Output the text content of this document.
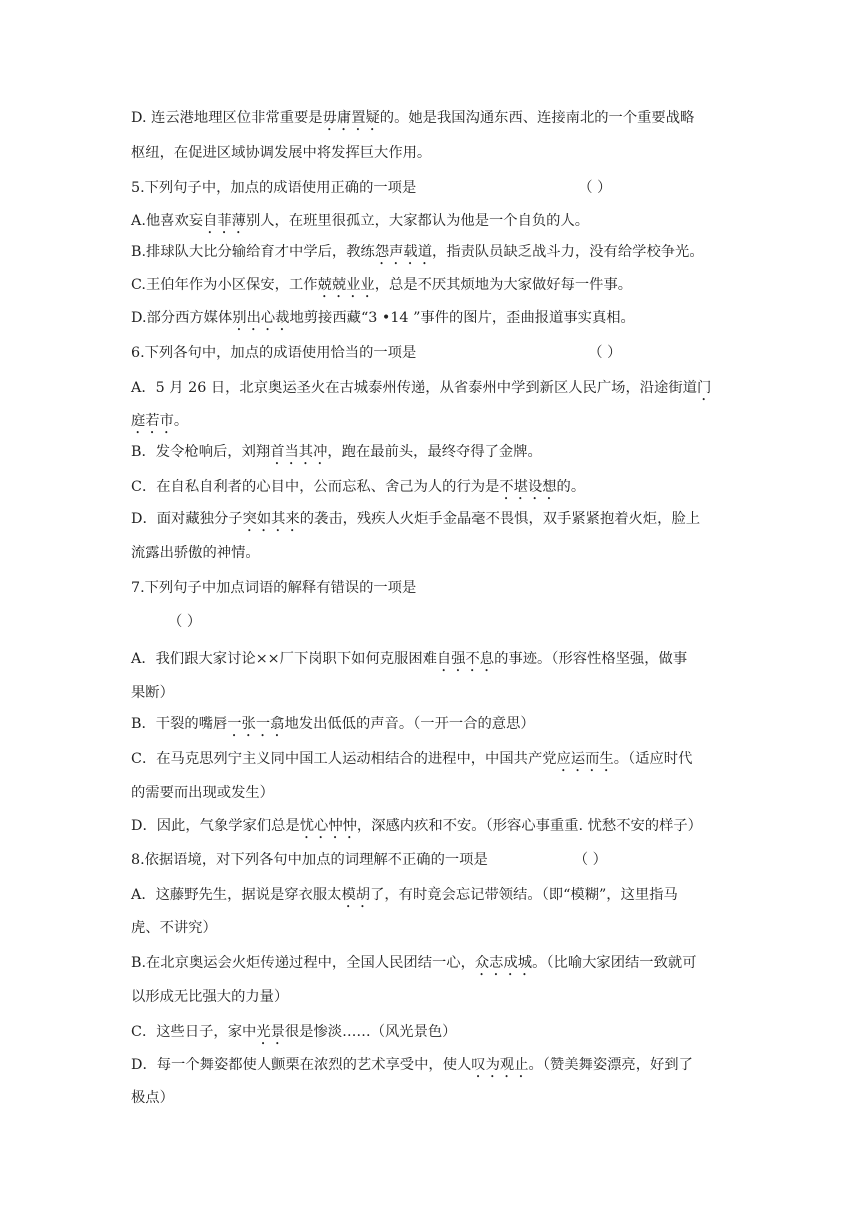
D. 连云港地理区位非常重要是毋庸置疑的。她是我国沟通东西、连接南北的一个重要战略
枢纽，在促进区域协调发展中将发挥巨大作用。
5.下列句子中，加点的成语使用正确的一项是	（ ）
A.他喜欢妄自菲薄别人，在班里很孤立，大家都认为他是一个自负的人。
B.排球队大比分输给育才中学后，教练怨声载道，指责队员缺乏战斗力，没有给学校争光。
C.王伯年作为小区保安，工作兢兢业业，总是不厌其烦地为大家做好每一件事。
D.部分西方媒体别出心裁地剪接西藏“3 •14 ”事件的图片，歪曲报道事实真相。
6.下列各句中，加点的成语使用恰当的一项是	（ ）
A．5 月 26 日，北京奥运圣火在古城泰州传递，从省泰州中学到新区人民广场，沿途街道门
庭若市。
B．发令枪响后，刘翔首当其冲，跑在最前头，最终夺得了金牌。
C．在自私自利者的心目中，公而忘私、舍己为人的行为是不堪设想的。
D．面对藏独分子突如其来的袭击，残疾人火炬手金晶毫不畏惧，双手紧紧抱着火炬，脸上
流露出骄傲的神情。
7.下列句子中加点词语的解释有错误的一项是
（ ）
A．我们跟大家讨论××厂下岗职下如何克服困难自强不息的事迹。（形容性格坚强，做事
果断）
B．干裂的嘴唇一张一翕地发出低低的声音。（一开一合的意思）
C．在马克思列宁主义同中国工人运动相结合的进程中，中国共产党应运而生。（适应时代
的需要而出现或发生）
D．因此，气象学家们总是忧心忡忡，深感内疚和不安。（形容心事重重. 忧愁不安的样子）
8.依据语境，对下列各句中加点的词理解不正确的一项是	（ ）
A．这藤野先生，据说是穿衣服太模胡了，有时竟会忘记带领结。（即“模糊”，这里指马
虎、不讲究）
B.在北京奥运会火炬传递过程中，全国人民团结一心，众志成城。（比喻大家团结一致就可
以形成无比强大的力量）
C．这些日子，家中光景很是惨淡……（风光景色）
D．每一个舞姿都使人颤栗在浓烈的艺术享受中，使人叹为观止。（赞美舞姿漂亮，好到了
极点）
